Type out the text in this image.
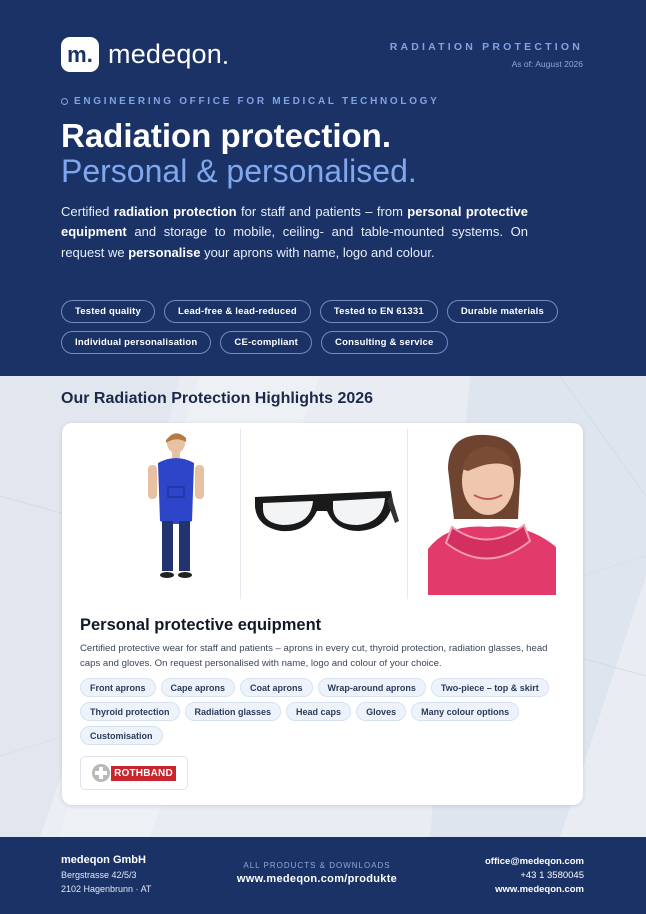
m. medeqon	RADIATION PROTECTION
As of: August 2026
ENGINEERING OFFICE FOR MEDICAL TECHNOLOGY
Radiation protection.
Personal & personalised.

Certified radiation protection for staff and patients – from personal protective equipment and storage to mobile, ceiling- and table-mounted systems. On request we personalise your aprons with name, logo and colour.

Tested quality	Lead-free & lead-reduced	Tested to EN 61331	Durable materials
Individual personalisation	CE-compliant	Consulting & service
Our Radiation Protection Highlights 2026
Personal protective equipment
Certified protective wear for staff and patients – aprons in every cut, thyroid protection, radiation glasses, head caps and gloves. On request personalised with name, logo and colour of your choice.
Front aprons	Cape aprons	Coat aprons	Wrap-around aprons	Two-piece – top & skirt
Thyroid protection	Radiation glasses	Head caps	Gloves	Many colour options
Customisation
ROTHBAND
medeqon GmbH
Bergstrasse 42/5/3
2102 Hagenbrunn · AT
ALL PRODUCTS & DOWNLOADS
www.medeqon.com/produkte
office@medeqon.com
+43 1 3580045
www.medeqon.com
